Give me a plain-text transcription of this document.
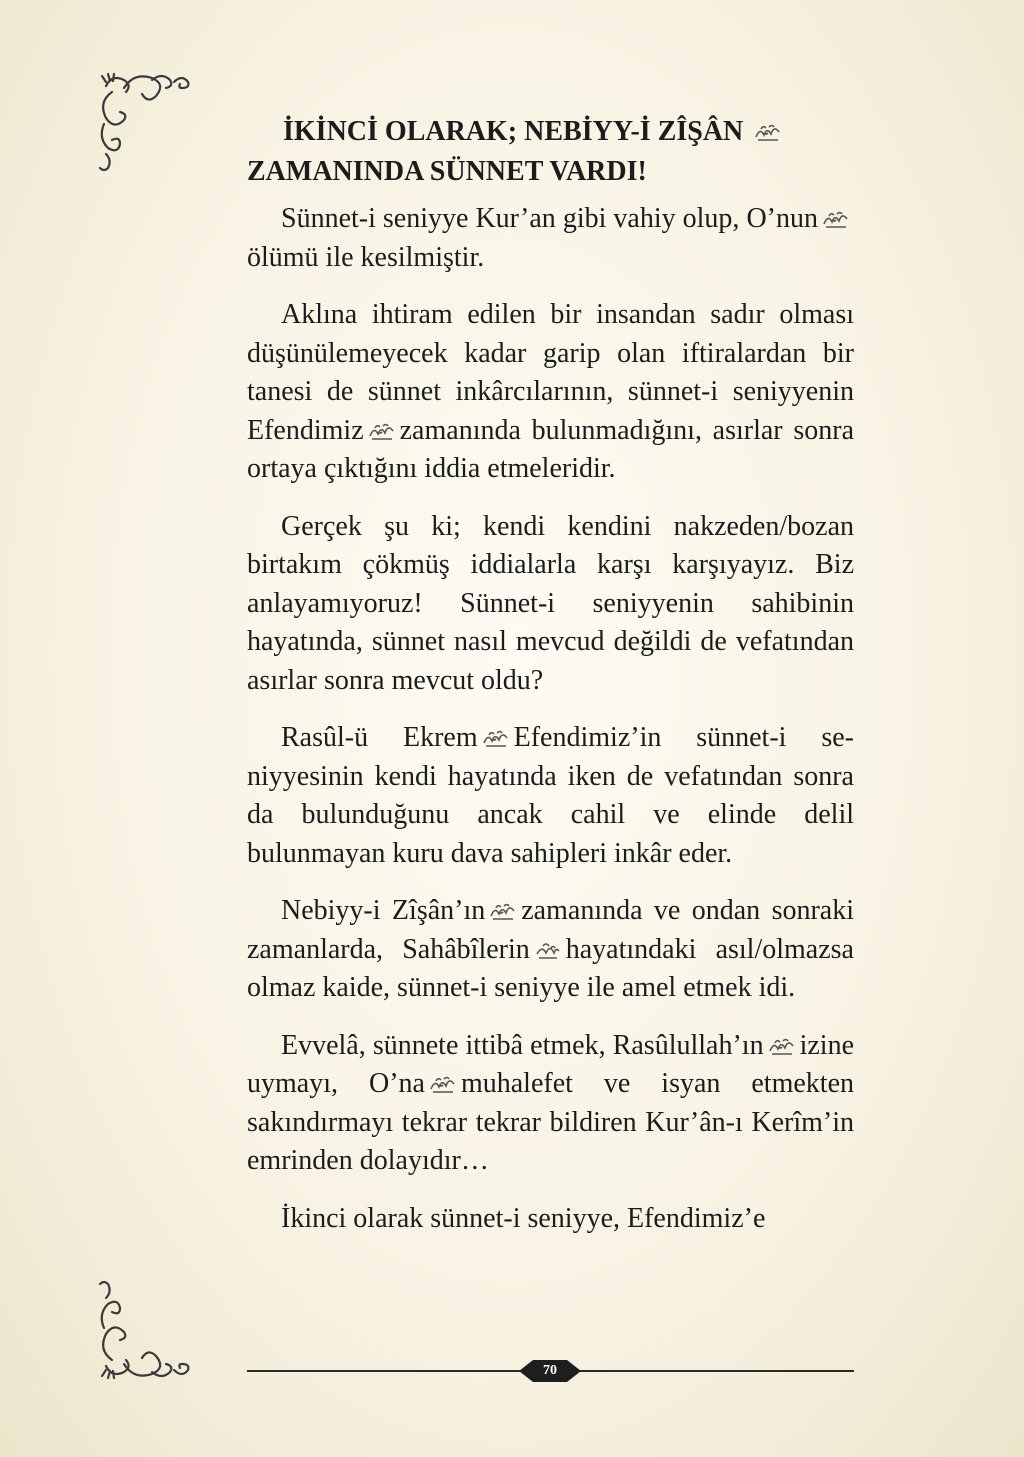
İKİNCİ OLARAK; NEBİYY-İ ZÎŞÂN
ZAMANINDA SÜNNET VARDI!

Sünnet-i seniyye Kur’an gibi vahiy olup, O’nunölümü ile kesilmiştir.

Aklına ihtiram edilen bir insandan sadır olması düşünülemeyecek kadar garip olan iftiralardan bir tanesi de sünnet inkârcılarının, sünnet-i seniyyenin Efendimiz zamanında bulunmadığını, asırlar sonra ortaya çıktığını iddia etmeleridir.

Gerçek şu ki; kendi kendini nakzeden/bozan birtakım çökmüş iddialarla karşı karşıyayız. Biz anlayamıyoruz! Sünnet-i seniyyenin sahibinin hayatında, sünnet nasıl mevcud değildi de vefatından asırlar sonra mevcut oldu?

Rasûl-ü Ekrem Efendimiz’in sünnet-i seniyyesinin kendi hayatında iken de vefatından sonra da bulunduğunu ancak cahil ve elinde delil bulunmayan kuru dava sahipleri inkâr eder.

Nebiyy-i Zîşân’ın zamanında ve ondan sonraki zamanlarda, Sahâbîlerin hayatındaki asıl/olmazsa olmaz kaide, sünnet-i seniyye ile amel etmek idi.

Evvelâ, sünnete ittibâ etmek, Rasûlullah’ın izine uymayı, O’na muhalefet ve isyan etmekten sakındırmayı tekrar tekrar bildiren Kur’ân-ı Kerîm’in emrinden dolayıdır…

İkinci olarak sünnet-i seniyye, Efendimiz’e

70
